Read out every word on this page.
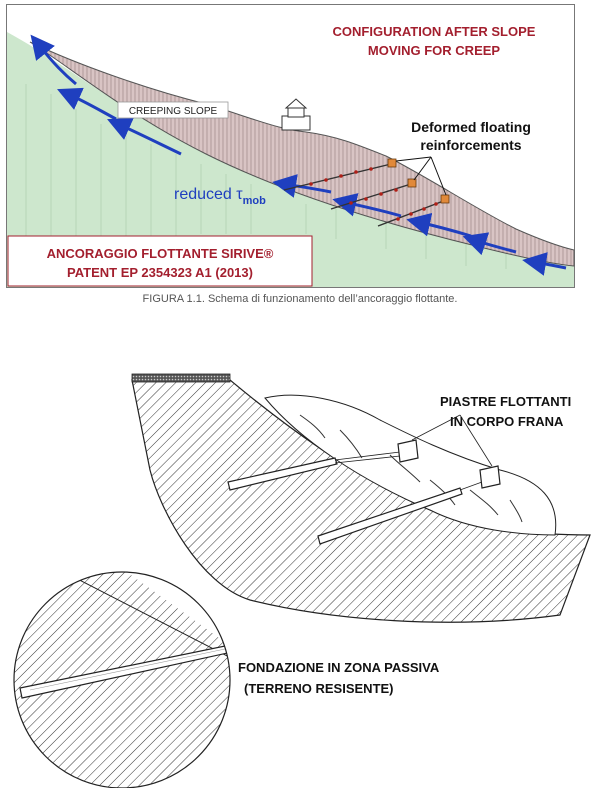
CONFIGURATION AFTER SLOPE
MOVING FOR CREEP
CREEPING SLOPE
Deformed floating
reinforcements
reduced $\tau_{mob}$
ANCORAGGIO FLOTTANTE SIRIVE®
PATENT EP 2354323 A1 (2013)
FIGURA 1.1. Schema di funzionamento dell’ancoraggio flottante.
PIASTRE FLOTTANTI
IN CORPO FRANA
FONDAZIONE IN ZONA PASSIVA
(TERRENO RESISENTE)
